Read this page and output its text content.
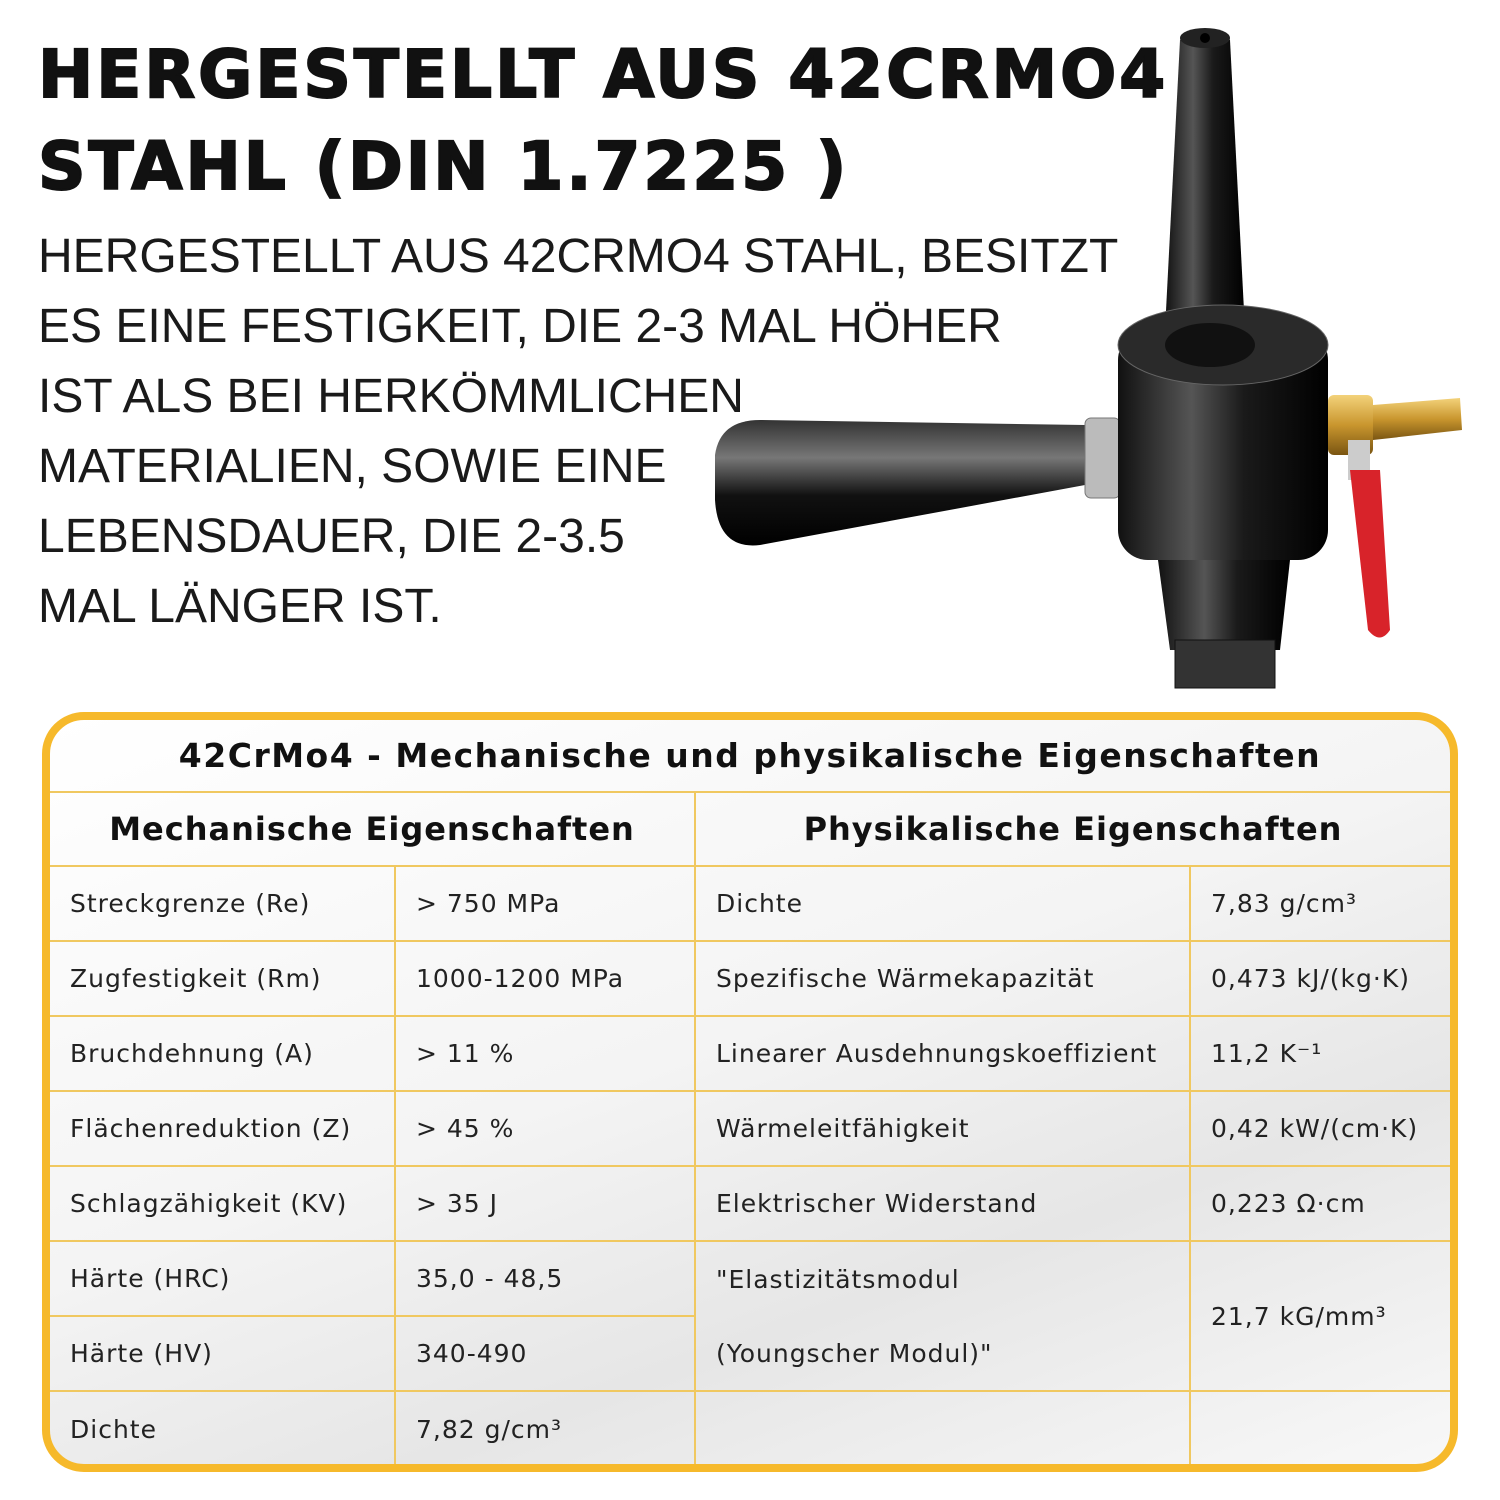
HERGESTELLT AUS 42CRMO4
STAHL (DIN 1.7225 )
HERGESTELLT AUS 42CRMO4 STAHL, BESITZT
ES EINE FESTIGKEIT, DIE 2-3 MAL HÖHER
IST ALS BEI HERKÖMMLICHEN
MATERIALIEN, SOWIE EINE
LEBENSDAUER, DIE 2-3.5
MAL LÄNGER IST.
42CrMo4 - Mechanische und physikalische Eigenschaften			
Mechanische Eigenschaften		Physikalische Eigenschaften	
Streckgrenze (Re)	> 750 MPa	Dichte	7,83 g/cm³
Zugfestigkeit (Rm)	1000-1200 MPa	Spezifische Wärmekapazität	0,473 kJ/(kg·K)
Bruchdehnung (A)	> 11 %	Linearer Ausdehnungskoeffizient	11,2 K⁻¹
Flächenreduktion (Z)	> 45 %	Wärmeleitfähigkeit	0,42 kW/(cm·K)
Schlagzähigkeit (KV)	> 35 J	Elektrischer Widerstand	0,223 Ω·cm
Härte (HRC)	35,0 - 48,5	"Elastizitätsmodul	21,7 kG/mm³
Härte (HV)	340-490	(Youngscher Modul)"	
Dichte	7,82 g/cm³		
